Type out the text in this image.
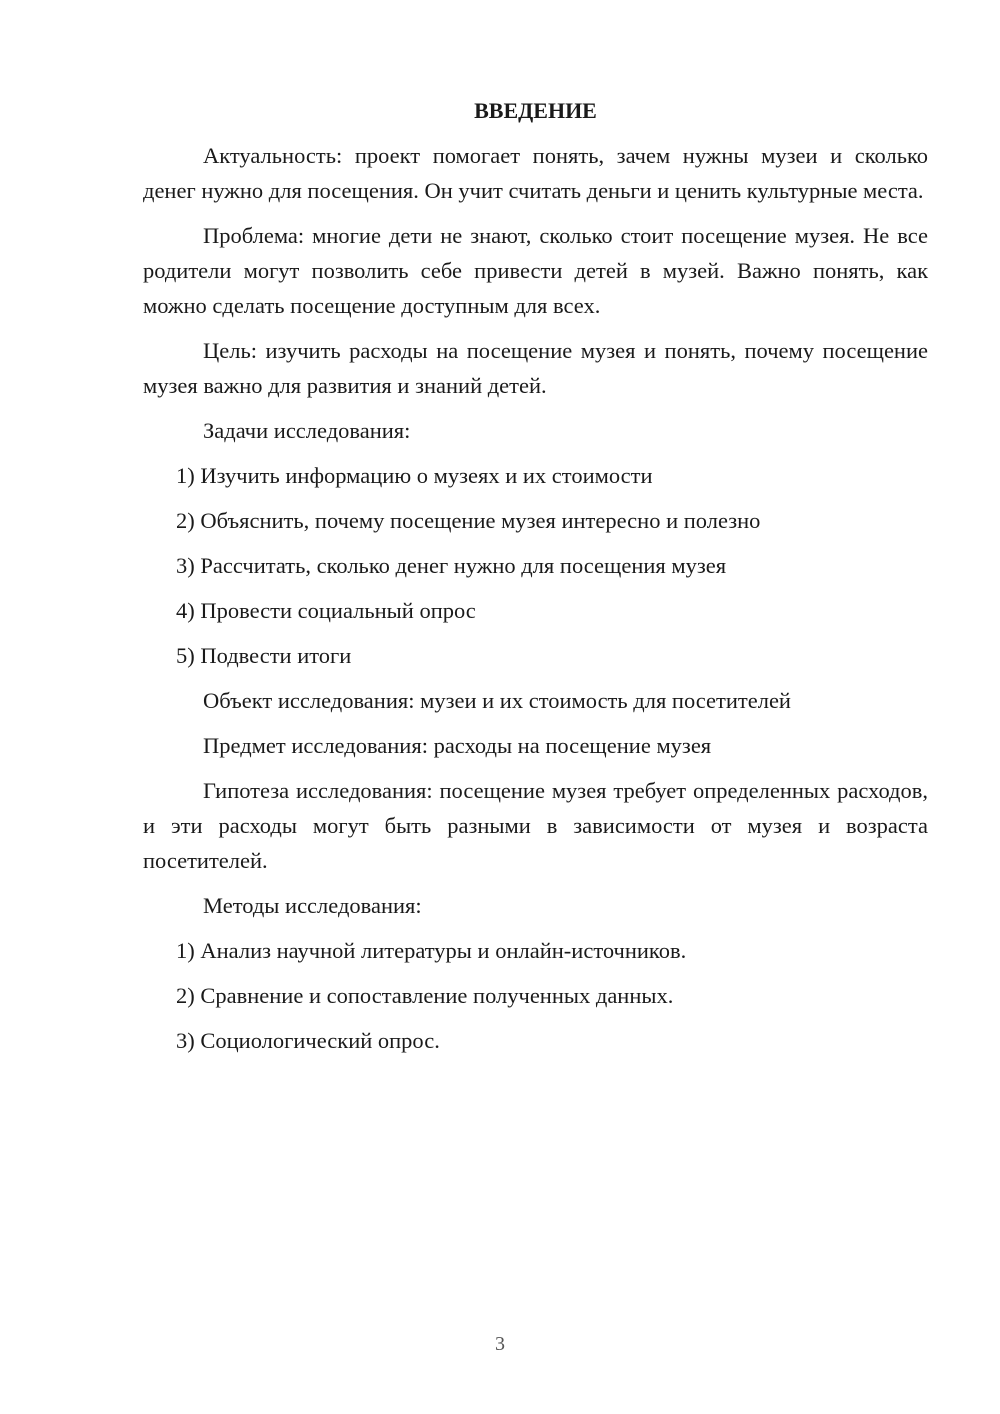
ВВЕДЕНИЕ

Актуальность: проект помогает понять, зачем нужны музеи и сколько денег нужно для посещения. Он учит считать деньги и ценить культурные места.

Проблема: многие дети не знают, сколько стоит посещение музея. Не все родители могут позволить себе привести детей в музей. Важно понять, как можно сделать посещение доступным для всех.

Цель: изучить расходы на посещение музея и понять, почему посещение музея важно для развития и знаний детей.

Задачи исследования:
1) Изучить информацию о музеях и их стоимости
2) Объяснить, почему посещение музея интересно и полезно
3) Рассчитать, сколько денег нужно для посещения музея
4) Провести социальный опрос
5) Подвести итоги
Объект исследования: музеи и их стоимость для посетителей
Предмет исследования: расходы на посещение музея

Гипотеза исследования: посещение музея требует определенных расходов, и эти расходы могут быть разными в зависимости от музея и возраста посетителей.

Методы исследования:
1) Анализ научной литературы и онлайн-источников.
2) Сравнение и сопоставление полученных данных.
3) Социологический опрос.
3
